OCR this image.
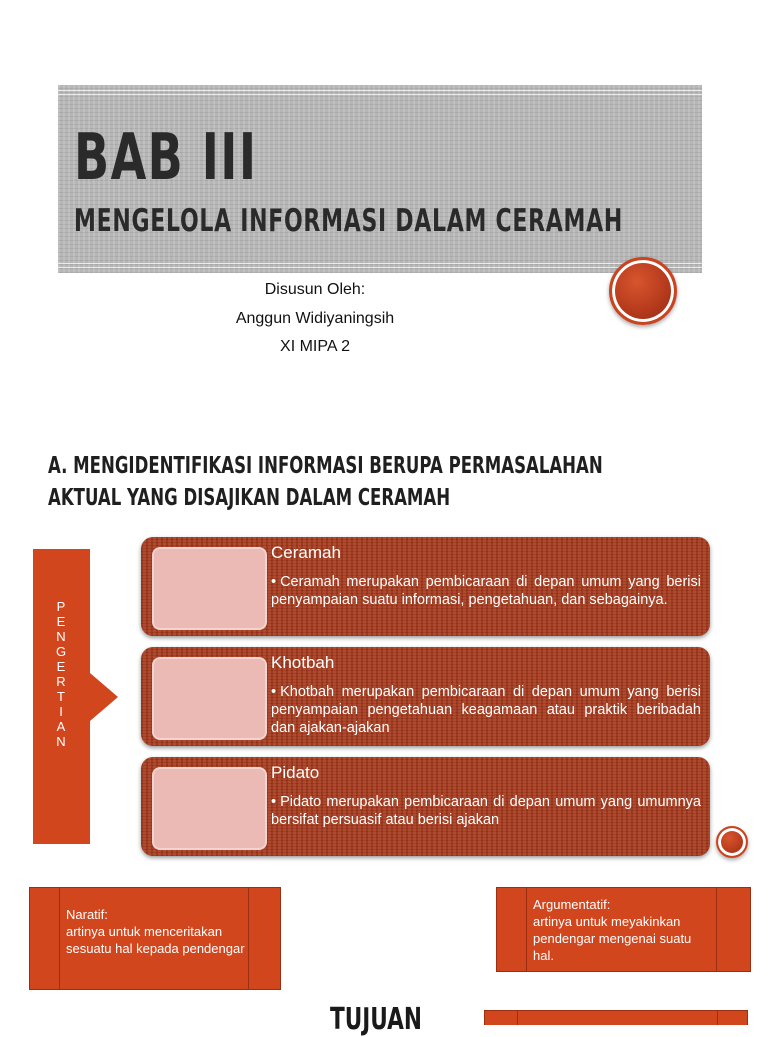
BAB III
MENGELOLA INFORMASI DALAM CERAMAH
Disusun Oleh:
Anggun Widiyaningsih
XI MIPA 2
A. MENGIDENTIFIKASI INFORMASI BERUPA PERMASALAHAN
AKTUAL YANG DISAJIKAN DALAM CERAMAH
P
E
N
G
E
R
T
I
A
N
Ceramah
• Ceramah merupakan pembicaraan di depan umum yang berisi penyampaian suatu informasi, pengetahuan, dan sebagainya.
Khotbah
• Khotbah merupakan pembicaraan di depan umum yang berisi penyampaian pengetahuan keagamaan atau praktik beribadah dan ajakan-ajakan
Pidato
• Pidato merupakan pembicaraan di depan umum yang umumnya bersifat persuasif atau berisi ajakan
Naratif:
artinya untuk menceritakan sesuatu hal kepada pendengar
Argumentatif:
artinya untuk meyakinkan pendengar mengenai suatu hal.
TUJUAN
